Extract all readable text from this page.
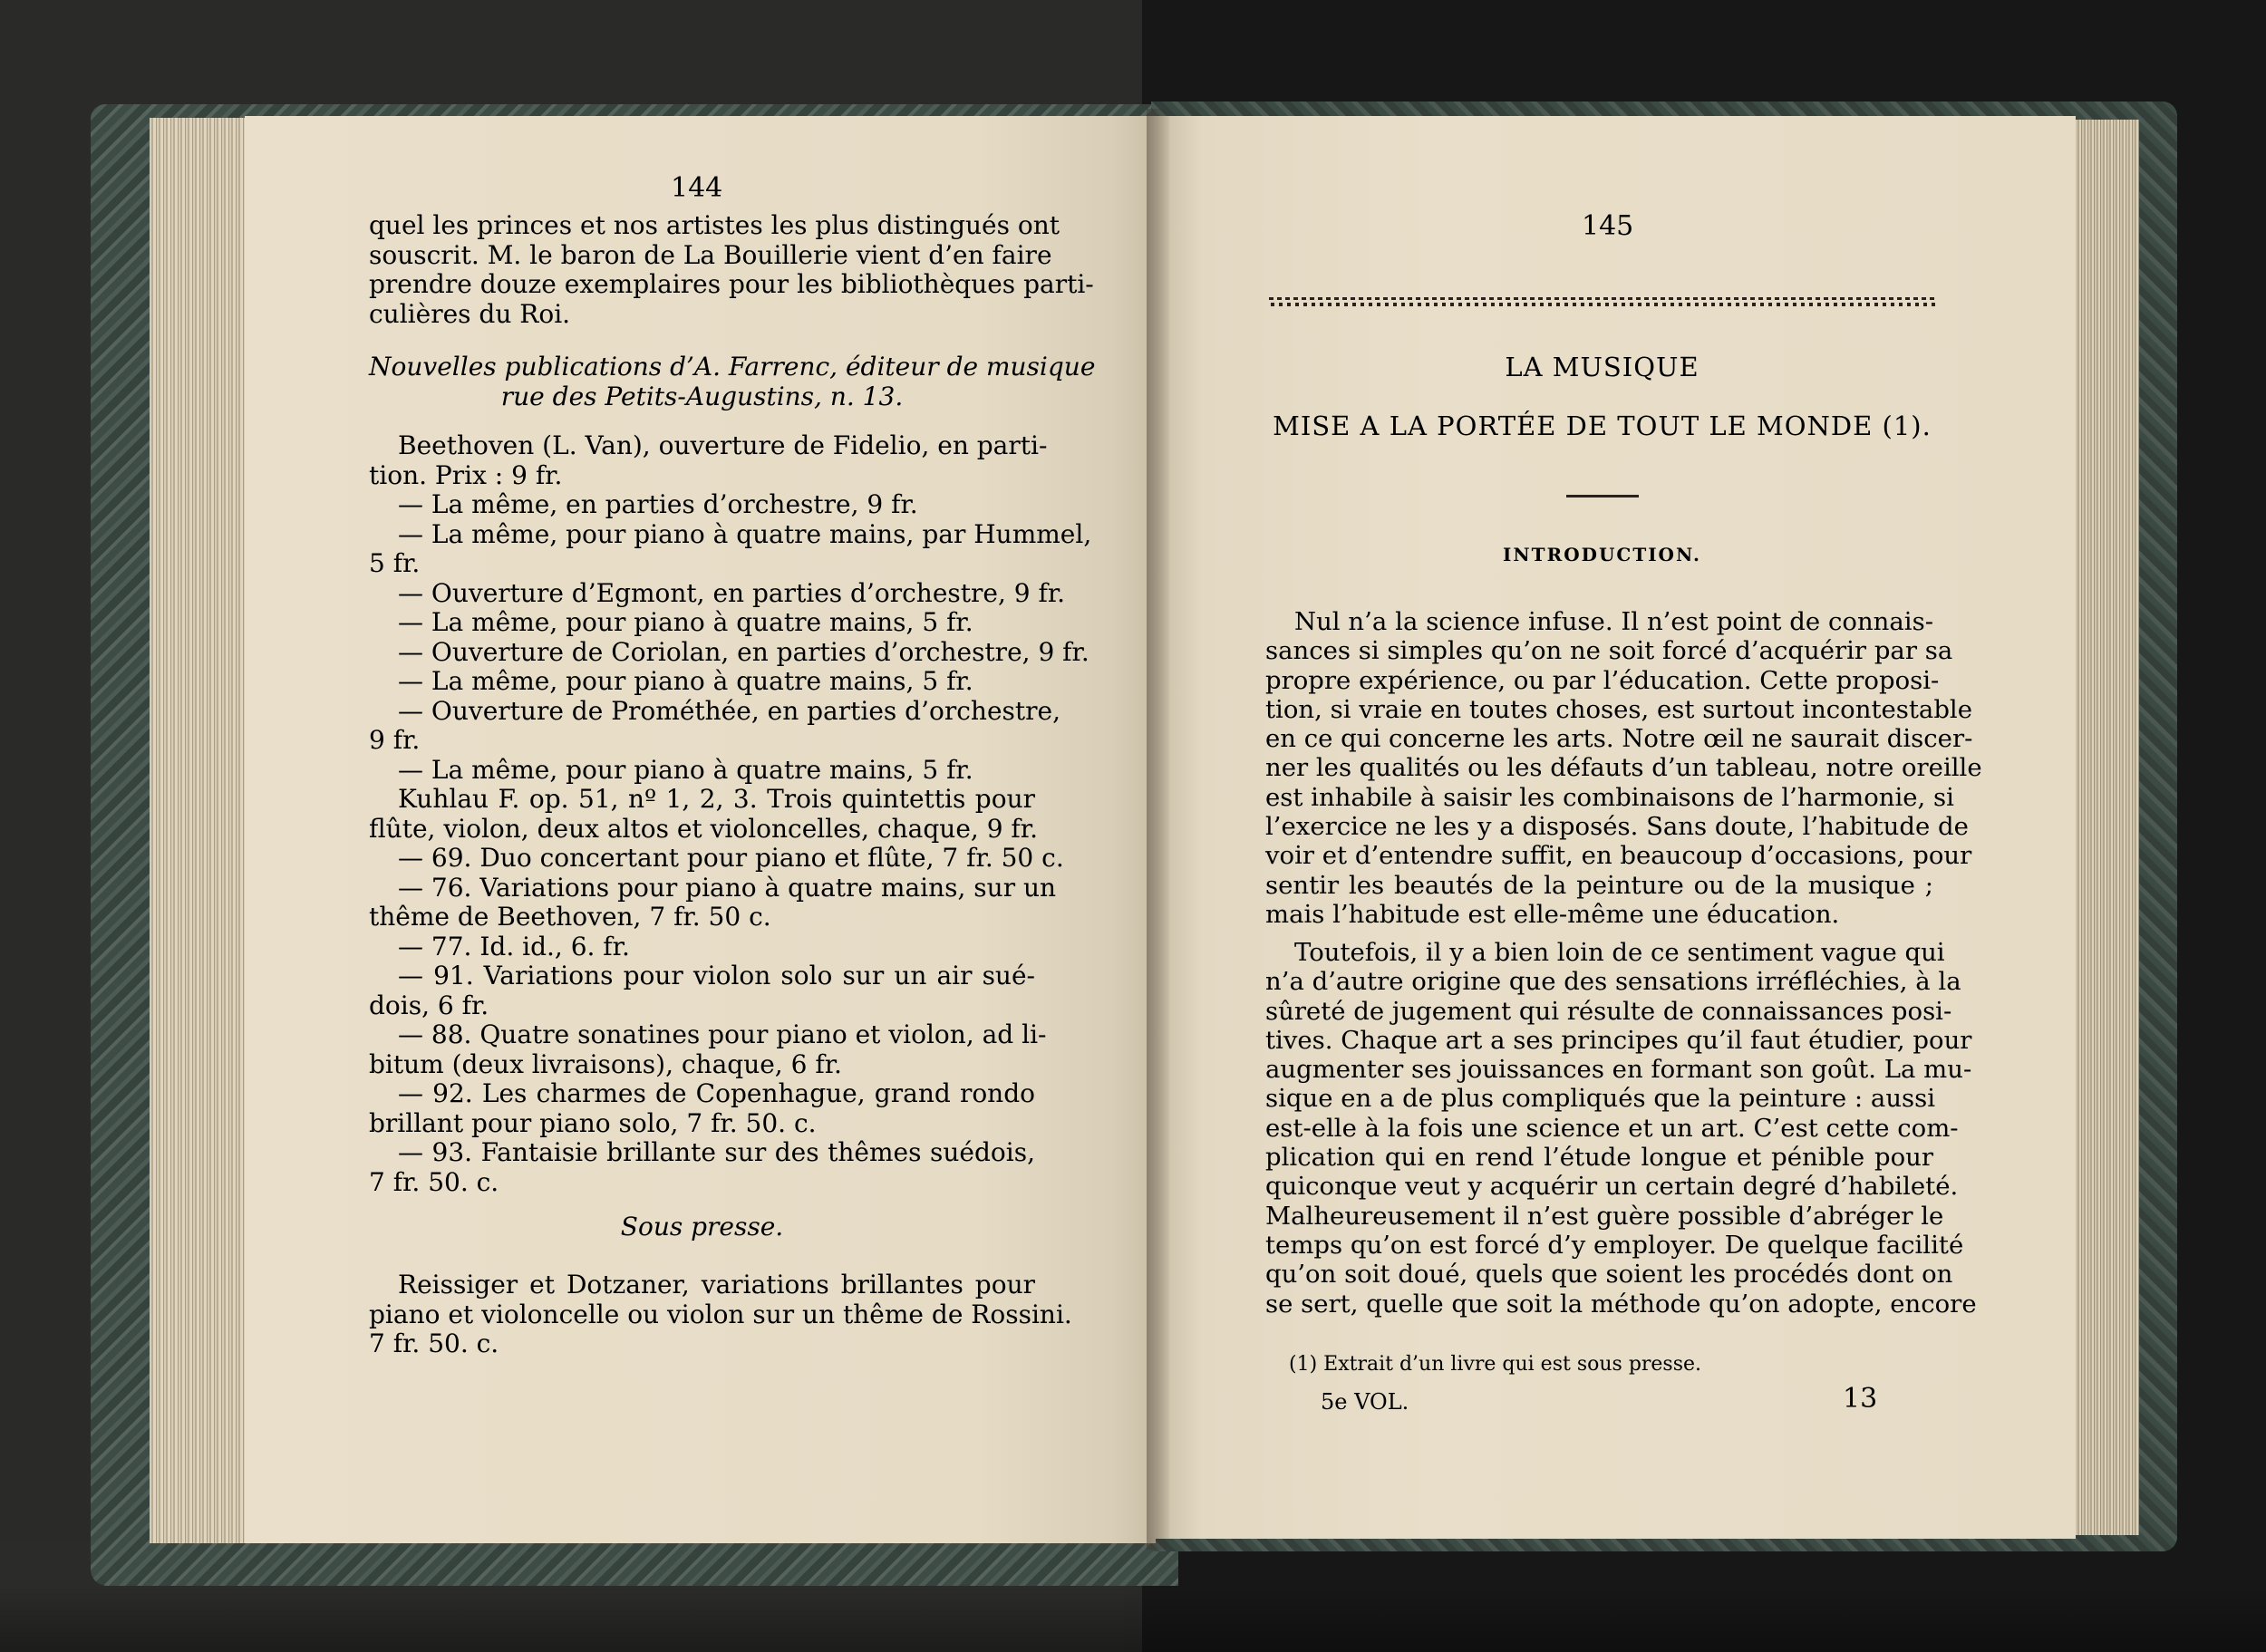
144
quel les princes et nos artistes les plus distingués ont
souscrit. M. le baron de La Bouillerie vient d’en faire
prendre douze exemplaires pour les bibliothèques parti-
culières du Roi.
Nouvelles publications d’A. Farrenc, éditeur de musique
rue des Petits-Augustins, n. 13.
Beethoven (L. Van), ouverture de Fidelio, en parti-
tion. Prix : 9 fr.
— La même, en parties d’orchestre, 9 fr.
— La même, pour piano à quatre mains, par Hummel,
5 fr.
— Ouverture d’Egmont, en parties d’orchestre, 9 fr.
— La même, pour piano à quatre mains, 5 fr.
— Ouverture de Coriolan, en parties d’orchestre, 9 fr.
— La même, pour piano à quatre mains, 5 fr.
— Ouverture de Prométhée, en parties d’orchestre,
9 fr.
— La même, pour piano à quatre mains, 5 fr.
Kuhlau F. op. 51, nº 1, 2, 3. Trois quintettis pour
flûte, violon, deux altos et violoncelles, chaque, 9 fr.
— 69. Duo concertant pour piano et flûte, 7 fr. 50 c.
— 76. Variations pour piano à quatre mains, sur un
thême de Beethoven, 7 fr. 50 c.
— 77. Id. id., 6. fr.
— 91. Variations pour violon solo sur un air sué-
dois, 6 fr.
— 88. Quatre sonatines pour piano et violon, ad li-
bitum (deux livraisons), chaque, 6 fr.
— 92. Les charmes de Copenhague, grand rondo
brillant pour piano solo, 7 fr. 50. c.
— 93. Fantaisie brillante sur des thêmes suédois,
7 fr. 50. c.
Sous presse.
Reissiger et Dotzaner, variations brillantes pour
piano et violoncelle ou violon sur un thême de Rossini.
7 fr. 50. c.
145
LA MUSIQUE
MISE A LA PORTÉE DE TOUT LE MONDE (1).
INTRODUCTION.
Nul n’a la science infuse. Il n’est point de connais-
sances si simples qu’on ne soit forcé d’acquérir par sa
propre expérience, ou par l’éducation. Cette proposi-
tion, si vraie en toutes choses, est surtout incontestable
en ce qui concerne les arts. Notre œil ne saurait discer-
ner les qualités ou les défauts d’un tableau, notre oreille
est inhabile à saisir les combinaisons de l’harmonie, si
l’exercice ne les y a disposés. Sans doute, l’habitude de
voir et d’entendre suffit, en beaucoup d’occasions, pour
sentir les beautés de la peinture ou de la musique ;
mais l’habitude est elle-même une éducation.
Toutefois, il y a bien loin de ce sentiment vague qui
n’a d’autre origine que des sensations irréfléchies, à la
sûreté de jugement qui résulte de connaissances posi-
tives. Chaque art a ses principes qu’il faut étudier, pour
augmenter ses jouissances en formant son goût. La mu-
sique en a de plus compliqués que la peinture : aussi
est-elle à la fois une science et un art. C’est cette com-
plication qui en rend l’étude longue et pénible pour
quiconque veut y acquérir un certain degré d’habileté.
Malheureusement il n’est guère possible d’abréger le
temps qu’on est forcé d’y employer. De quelque facilité
qu’on soit doué, quels que soient les procédés dont on
se sert, quelle que soit la méthode qu’on adopte, encore
(1) Extrait d’un livre qui est sous presse.
5e VOL.	13
